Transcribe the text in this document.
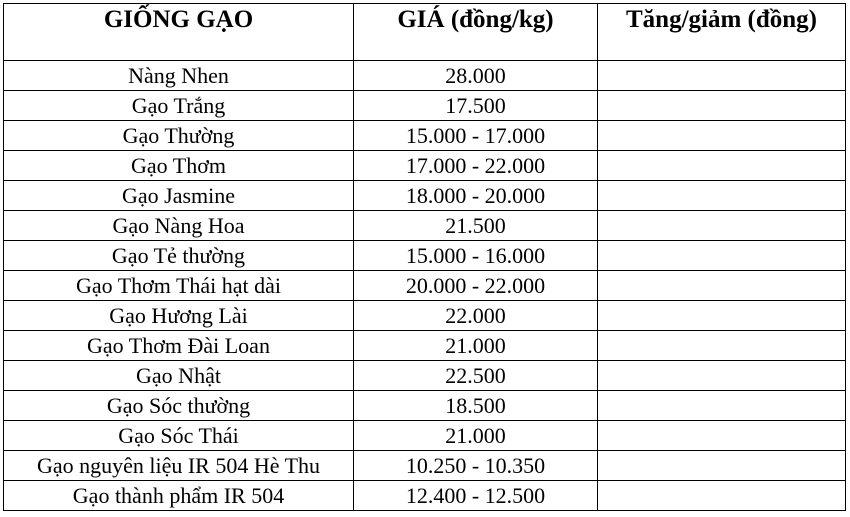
GIỐNG GẠO	GIÁ (đồng/kg)	Tăng/giảm (đồng)
Nàng Nhen	28.000	
Gạo Trắng	17.500	
Gạo Thường	15.000 - 17.000	
Gạo Thơm	17.000 - 22.000	
Gạo Jasmine	18.000 - 20.000	
Gạo Nàng Hoa	21.500	
Gạo Tẻ thường	15.000 - 16.000	
Gạo Thơm Thái hạt dài	20.000 - 22.000	
Gạo Hương Lài	22.000	
Gạo Thơm Đài Loan	21.000	
Gạo Nhật	22.500	
Gạo Sóc thường	18.500	
Gạo Sóc Thái	21.000	
Gạo nguyên liệu IR 504 Hè Thu	10.250 - 10.350	
Gạo thành phẩm IR 504	12.400 - 12.500	
